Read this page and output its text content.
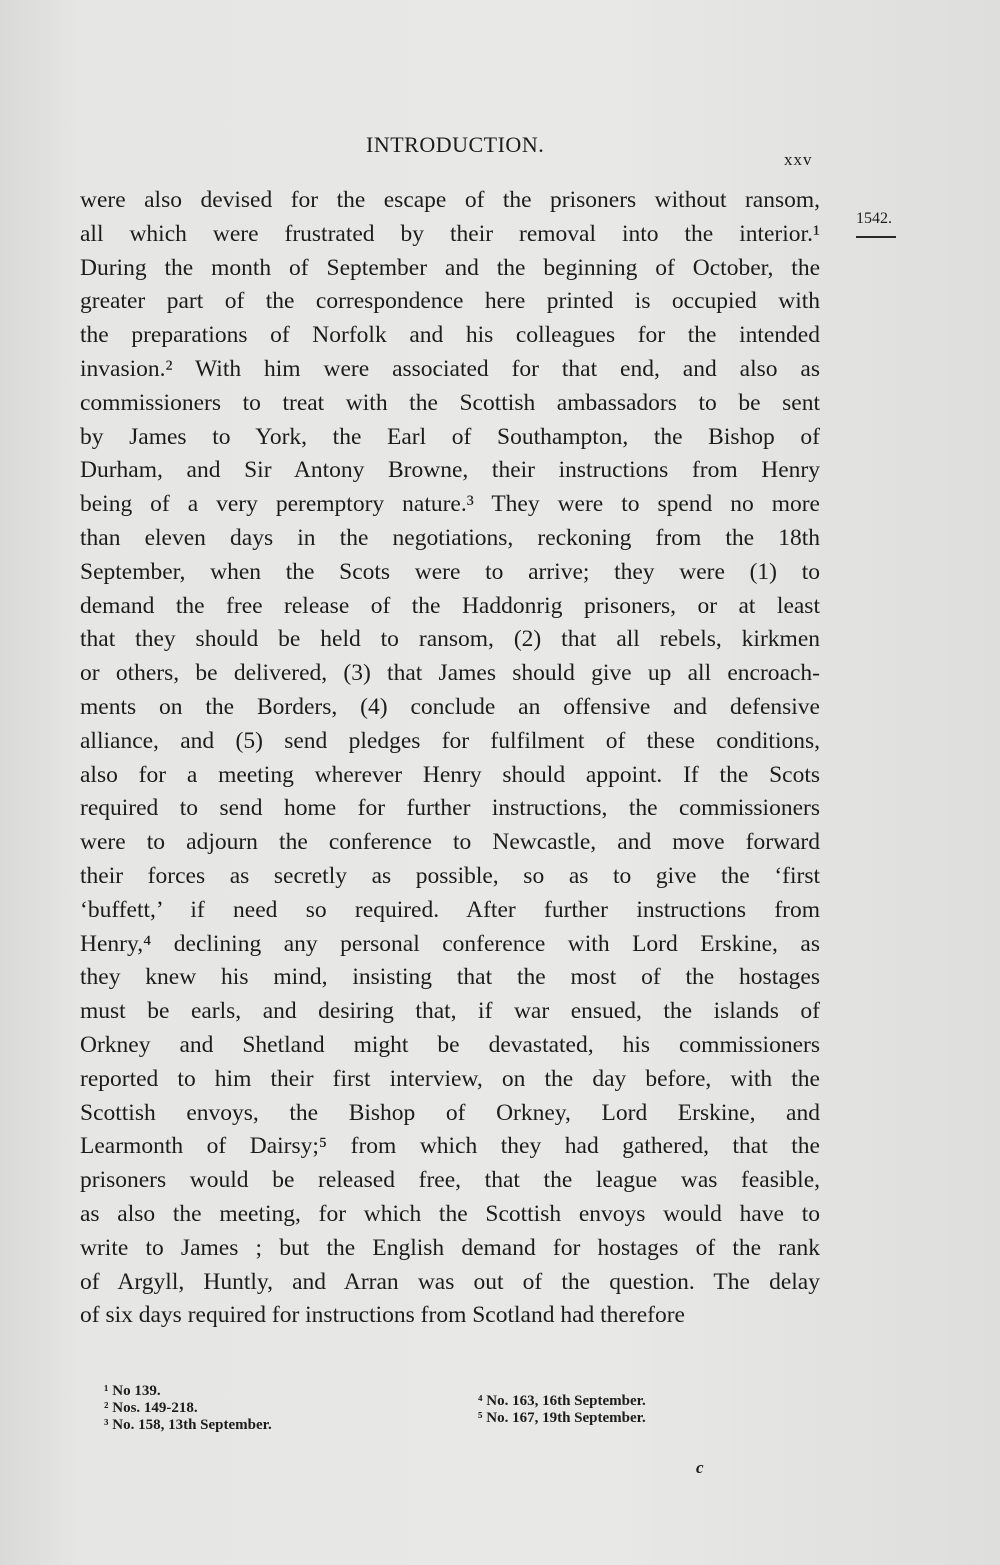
INTRODUCTION.
xxv
1542.
were also devised for the escape of the prisoners without ransom,
all which were frustrated by their removal into the interior.¹
During the month of September and the beginning of October, the
greater part of the correspondence here printed is occupied with
the preparations of Norfolk and his colleagues for the intended
invasion.² With him were associated for that end, and also as
commissioners to treat with the Scottish ambassadors to be sent
by James to York, the Earl of Southampton, the Bishop of
Durham, and Sir Antony Browne, their instructions from Henry
being of a very peremptory nature.³ They were to spend no more
than eleven days in the negotiations, reckoning from the 18th
September, when the Scots were to arrive; they were (1) to
demand the free release of the Haddonrig prisoners, or at least
that they should be held to ransom, (2) that all rebels, kirkmen
or others, be delivered, (3) that James should give up all encroach-
ments on the Borders, (4) conclude an offensive and defensive
alliance, and (5) send pledges for fulfilment of these conditions,
also for a meeting wherever Henry should appoint. If the Scots
required to send home for further instructions, the commissioners
were to adjourn the conference to Newcastle, and move forward
their forces as secretly as possible, so as to give the ‘first
‘buffett,’ if need so required. After further instructions from
Henry,⁴ declining any personal conference with Lord Erskine, as
they knew his mind, insisting that the most of the hostages
must be earls, and desiring that, if war ensued, the islands of
Orkney and Shetland might be devastated, his commissioners
reported to him their first interview, on the day before, with the
Scottish envoys, the Bishop of Orkney, Lord Erskine, and
Learmonth of Dairsy;⁵ from which they had gathered, that the
prisoners would be released free, that the league was feasible,
as also the meeting, for which the Scottish envoys would have to
write to James ; but the English demand for hostages of the rank
of Argyll, Huntly, and Arran was out of the question. The delay
of six days required for instructions from Scotland had therefore
¹ No 139.
² Nos. 149-218.
³ No. 158, 13th September.
⁴ No. 163, 16th September.
⁵ No. 167, 19th September.
c
